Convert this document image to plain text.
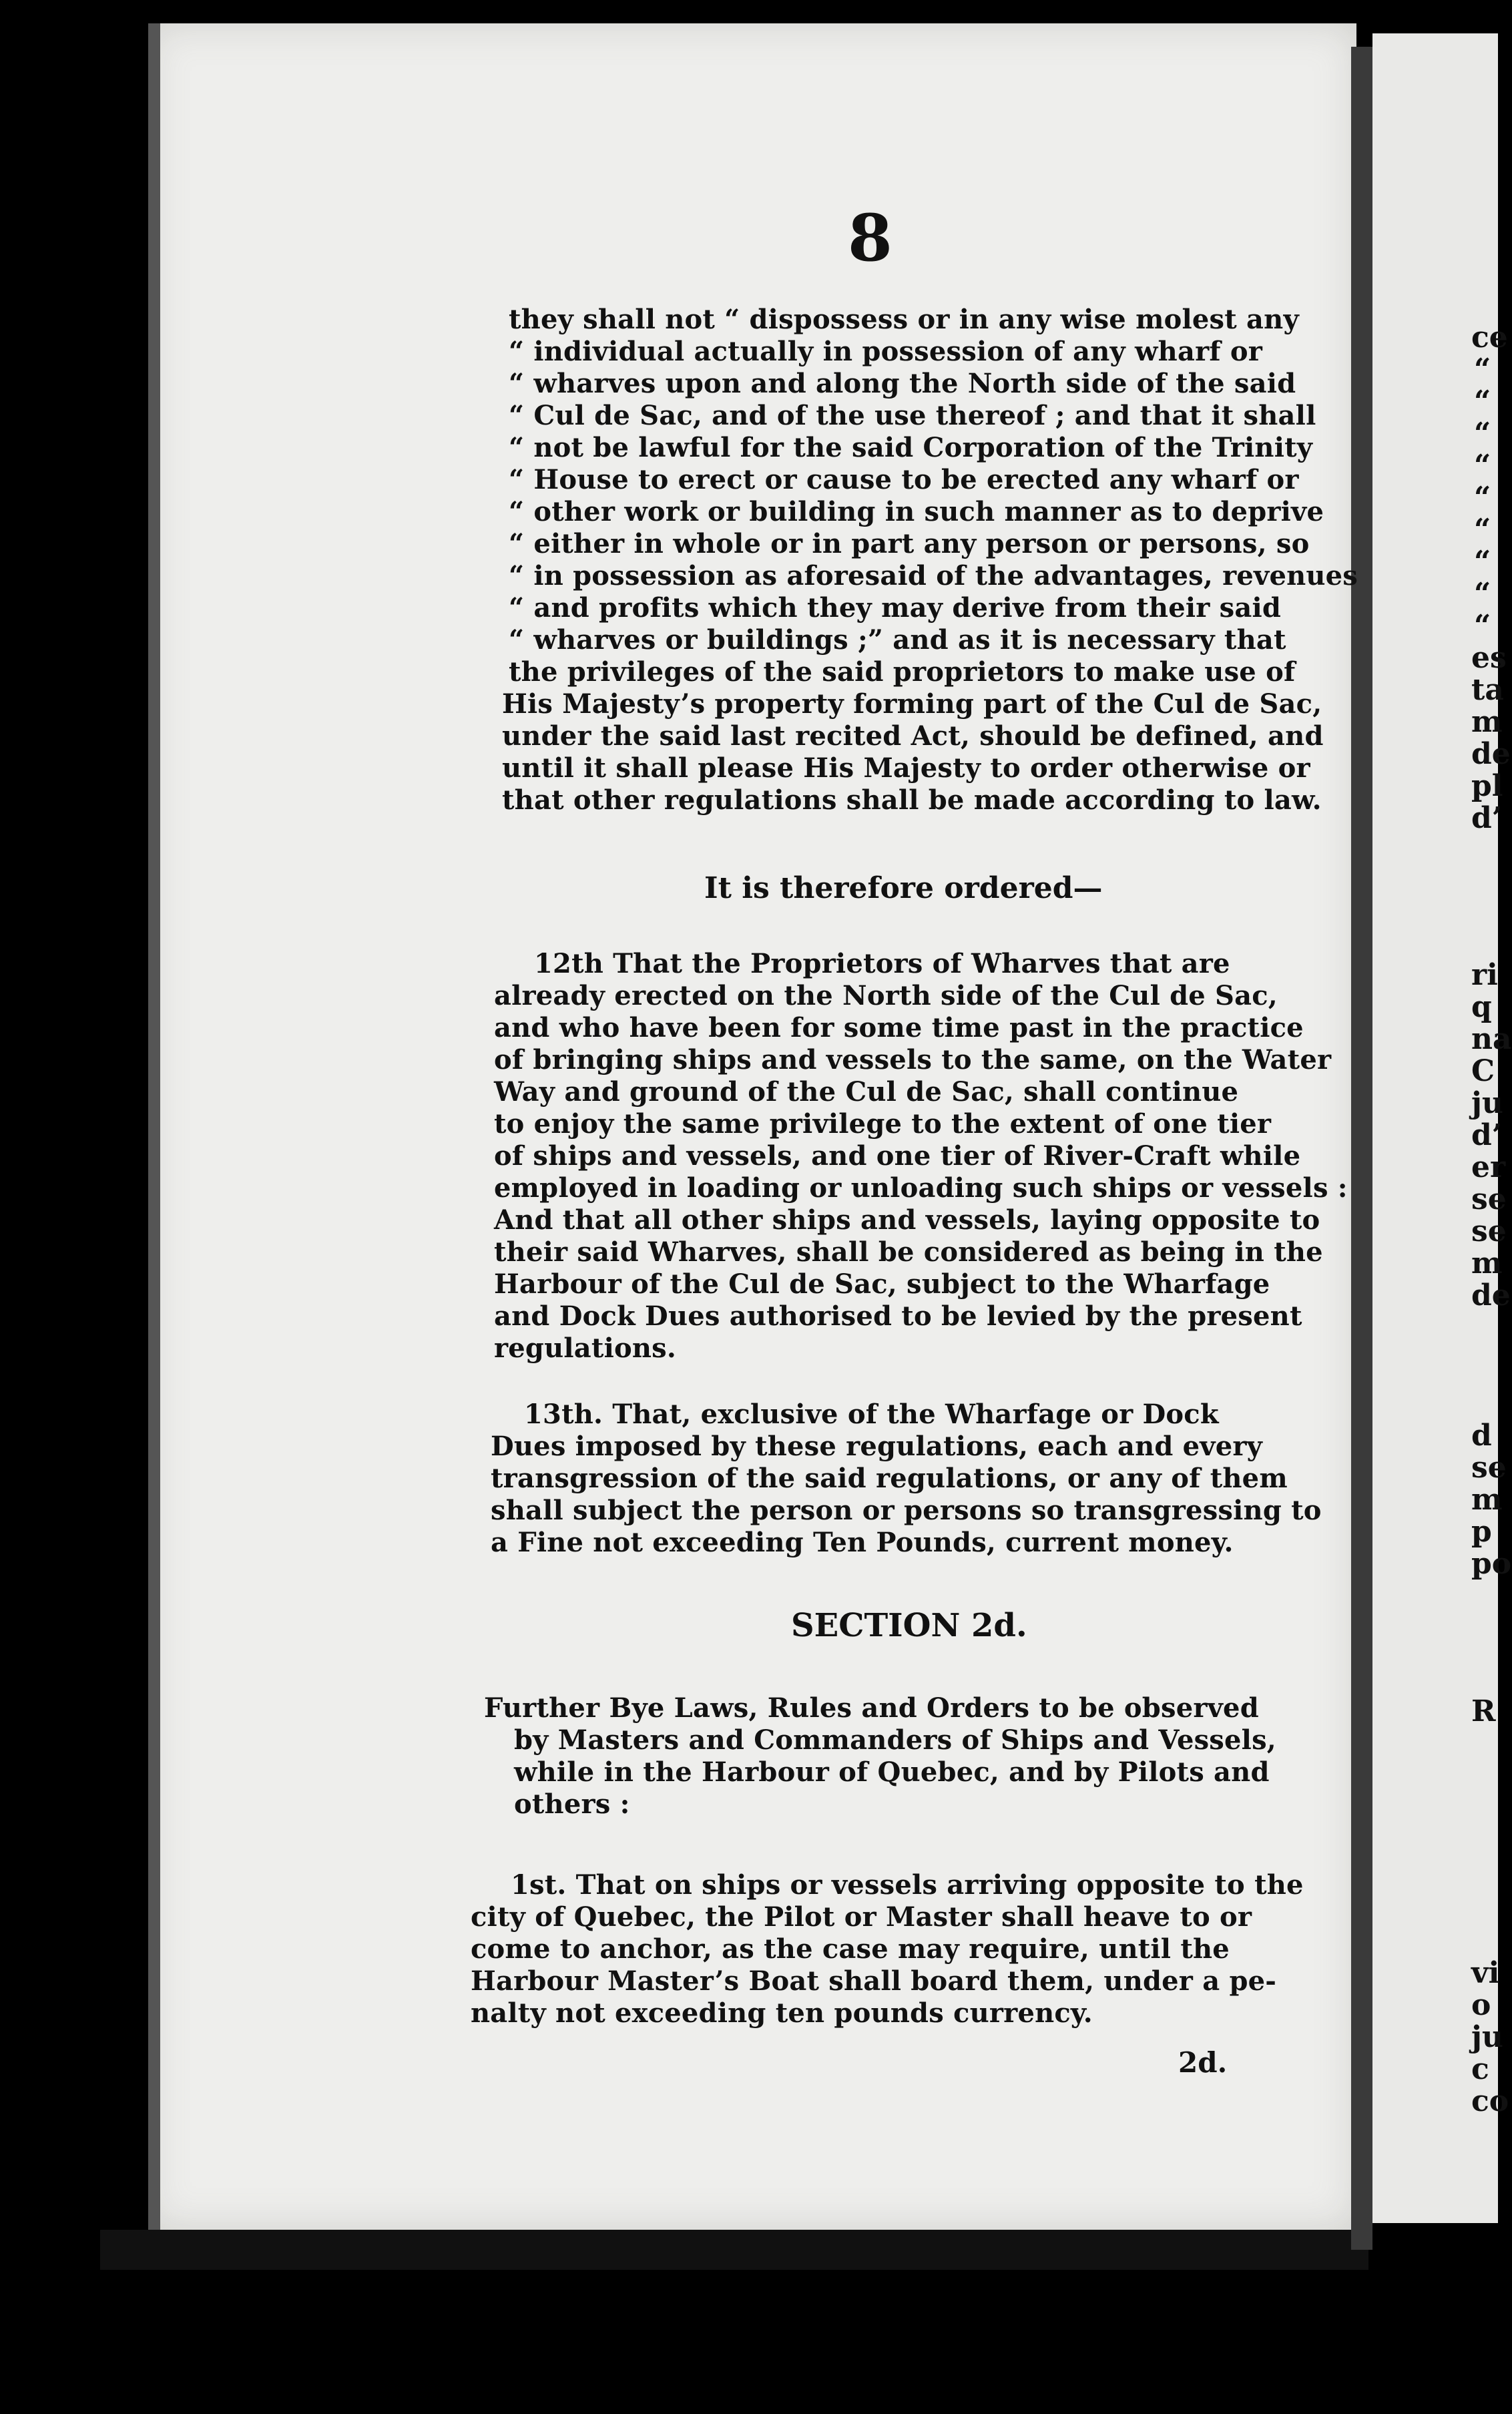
ce
“
“
“
“
“
“
“
“
“
es
ta
m
de
pl
d’
ri
q
na
C
ju
d’
er
se
se
m
de
d
se
m
p
po
R
vi
o
ju
c
co
8
they shall not “ dispossess or in any wise molest any
“ individual actually in possession of any wharf or
“ wharves upon and along the North side of the said
“ Cul de Sac, and of the use thereof ; and that it shall
“ not be lawful for the said Corporation of the Trinity
“ House to erect or cause to be erected any wharf or
“ other work or building in such manner as to deprive
“ either in whole or in part any person or persons, so
“ in possession as aforesaid of the advantages, revenues
“ and profits which they may derive from their said
“ wharves or buildings ;” and as it is necessary that
the privileges of the said proprietors to make use of
His Majesty’s property forming part of the Cul de Sac,
under the said last recited Act, should be defined, and
until it shall please His Majesty to order otherwise or
that other regulations shall be made according to law.
It is therefore ordered—
12th That the Proprietors of Wharves that are
already erected on the North side of the Cul de Sac,
and who have been for some time past in the practice
of bringing ships and vessels to the same, on the Water
Way and ground of the Cul de Sac, shall continue
to enjoy the same privilege to the extent of one tier
of ships and vessels, and one tier of River-Craft while
employed in loading or unloading such ships or vessels :
And that all other ships and vessels, laying opposite to
their said Wharves, shall be considered as being in the
Harbour of the Cul de Sac, subject to the Wharfage
and Dock Dues authorised to be levied by the present
regulations.
13th. That, exclusive of the Wharfage or Dock
Dues imposed by these regulations, each and every
transgression of the said regulations, or any of them
shall subject the person or persons so transgressing to
a Fine not exceeding Ten Pounds, current money.
SECTION 2d.
Further Bye Laws, Rules and Orders to be observed
by Masters and Commanders of Ships and Vessels,
while in the Harbour of Quebec, and by Pilots and
others :
1st. That on ships or vessels arriving opposite to the
city of Quebec, the Pilot or Master shall heave to or
come to anchor, as the case may require, until the
Harbour Master’s Boat shall board them, under a pe-
nalty not exceeding ten pounds currency.
2d.
